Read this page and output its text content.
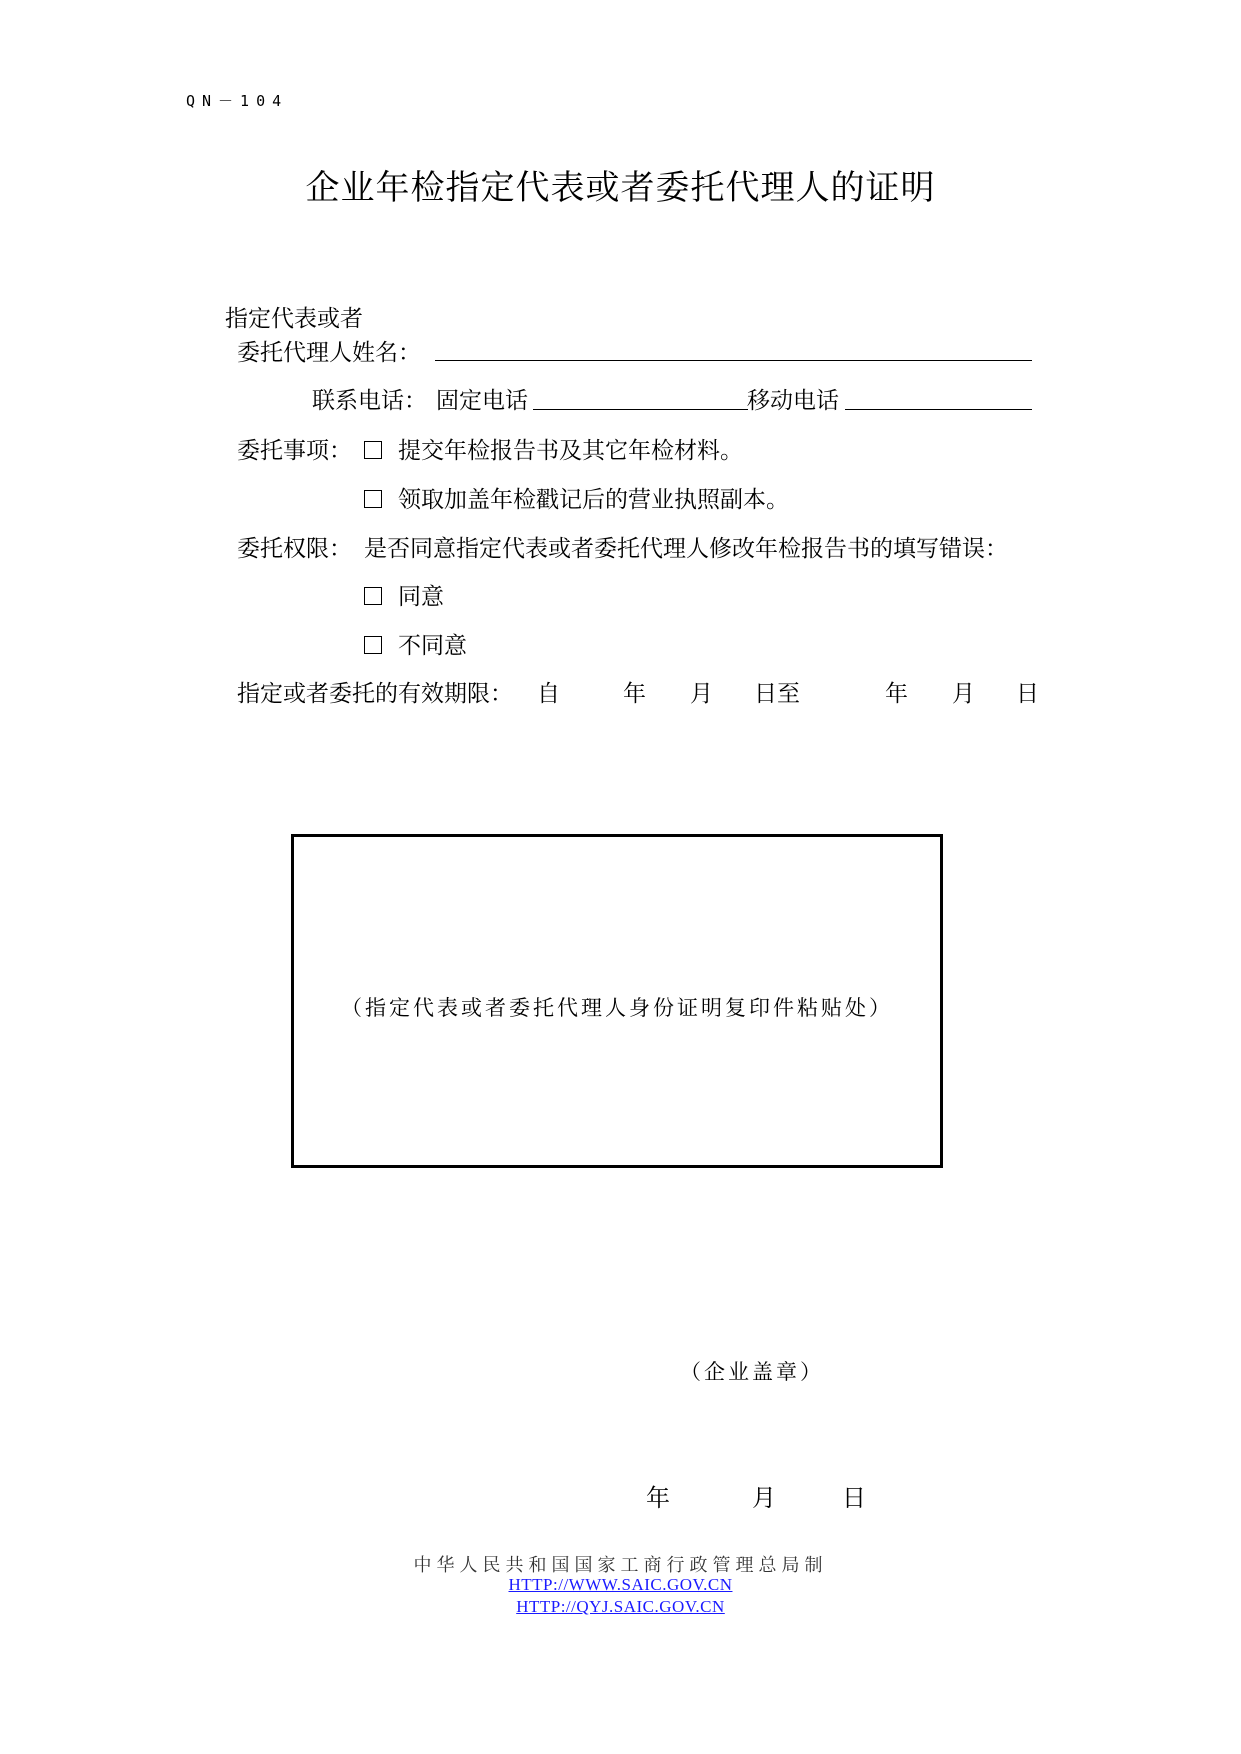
QN－104
企业年检指定代表或者委托代理人的证明
指定代表或者
委托代理人姓名：
联系电话： 固定电话	移动电话
委托事项：	提交年检报告书及其它年检材料。
领取加盖年检戳记后的营业执照副本。
委托权限： 是否同意指定代表或者委托代理人修改年检报告书的填写错误：
同意
不同意
指定或者委托的有效期限： 自	年 月 日至	年 月 日
（指定代表或者委托代理人身份证明复印件粘贴处）
（企业盖章）
年	月	日
中华人民共和国国家工商行政管理总局制
HTTP://WWW.SAIC.GOV.CN
HTTP://QYJ.SAIC.GOV.CN
